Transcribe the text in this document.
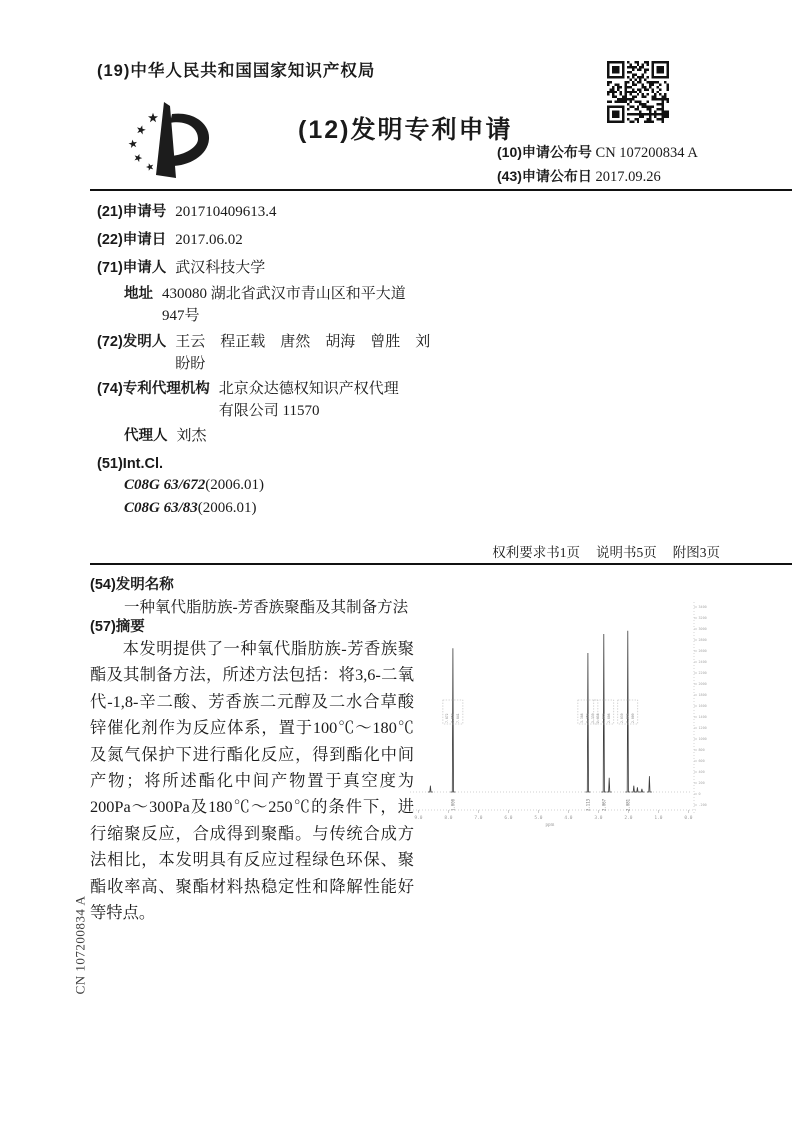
CN 107200834 A
(19)中华人民共和国国家知识产权局
(12)发明专利申请
(10)申请公布号 CN 107200834 A
(43)申请公布日 2017.09.26
(21)申请号 201710409613.4
(22)申请日 2017.06.02
(71)申请人 武汉科技大学
地址 430080 湖北省武汉市青山区和平大道947号
(72)发明人 王云　程正载　唐然　胡海　曾胜　刘盼盼
(74)专利代理机构 北京众达德权知识产权代理有限公司 11570
代理人 刘杰
(51)Int.Cl.
C08G 63/672(2006.01)
C08G 63/83(2006.01)
权利要求书1页 说明书5页 附图3页
(54)发明名称
一种氧代脂肪族-芳香族聚酯及其制备方法
(57)摘要
本发明提供了一种氧代脂肪族-芳香族聚酯及其制备方法，所述方法包括：将3,6-二氧代-1,8-辛二酸、芳香族二元醇及二水合草酸锌催化剂作为反应体系，置于100℃～180℃及氮气保护下进行酯化反应，得到酯化中间产物；将所述酯化中间产物置于真空度为200Pa～300Pa及180℃～250℃的条件下，进行缩聚反应，合成得到聚酯。与传统合成方法相比，本发明具有反应过程绿色环保、聚酯收率高、聚酯材料热稳定性和降解性能好等特点。
9.0	8.0	7.0	6.0	5.0	4.0	3.0	2.0	1.0	0.0
3400
3200
3000
2800
2600
2400
2200
2000
1800
1600
1400
1200
1000
800
600
400
200
0
-200
ppm
7.872 7.857 7.841
1.000
3.368 3.353 3.339
2.113
2.838 2.823 2.808
2.067
2.039 2.024 2.009
2.081
